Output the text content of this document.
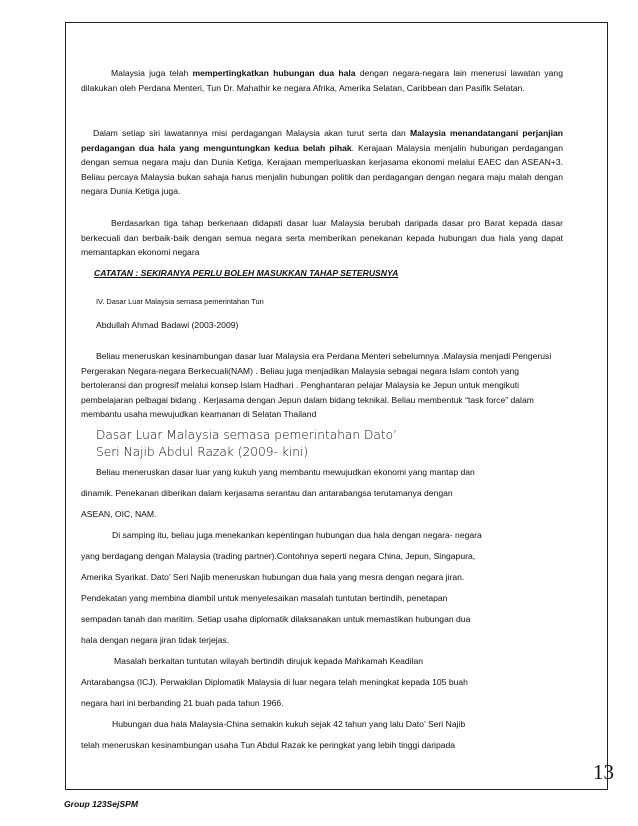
Malaysia juga telah mempertingkatkan hubungan dua hala dengan negara-negara lain menerusi lawatan yang dilakukan oleh Perdana Menteri, Tun Dr. Mahathir ke negara Afrika, Amerika Selatan, Caribbean dan Pasifik Selatan.
Dalam setiap siri lawatannya misi perdagangan Malaysia akan turut serta dan Malaysia menandatangani perjanjian perdagangan dua hala yang menguntungkan kedua belah pihak. Kerajaan Malaysia menjalin hubungan perdagangan dengan semua negara maju dan Dunia Ketiga. Kerajaan memperluaskan kerjasama ekonomi melalui EAEC dan ASEAN+3. Beliau percaya Malaysia bukan sahaja harus menjalin hubungan politik dan perdagangan dengan negara maju malah dengan negara Dunia Ketiga juga.
Berdasarkan tiga tahap berkenaan didapati dasar luar Malaysia berubah daripada dasar pro Barat kepada dasar berkecuali dan berbaik-baik dengan semua negara serta memberikan penekanan kepada hubungan dua hala yang dapat memantapkan ekonomi negara
CATATAN : SEKIRANYA PERLU BOLEH MASUKKAN TAHAP SETERUSNYA
IV. Dasar Luar Malaysia semasa pemerintahan Tun
Abdullah Ahmad Badawi (2003-2009)
Beliau meneruskan kesinambungan dasar luar Malaysia era Perdana Menteri sebelumnya .Malaysia menjadi Pengerusi Pergerakan Negara-negara Berkecuali(NAM) . Beliau juga menjadikan Malaysia sebagai negara Islam contoh yang bertoleransi dan progresif melalui konsep Islam Hadhari . Penghantaran pelajar Malaysia ke Jepun untuk mengikuti pembelajaran pelbagai bidang . Kerjasama dengan Jepun dalam bidang teknikal. Beliau membentuk “task force” dalam membantu usaha mewujudkan keamanan di Selatan Thailand
Dasar Luar Malaysia semasa pemerintahan Dato’
Seri Najib Abdul Razak (2009- kini)
Beliau meneruskan dasar luar yang kukuh yang membantu mewujudkan ekonomi yang mantap dan
dinamik. Penekanan diberikan dalam kerjasama serantau dan antarabangsa terutamanya dengan
ASEAN, OIC, NAM.
Di samping itu, beliau juga menekankan kepentingan hubungan dua hala dengan negara- negara
yang berdagang dengan Malaysia (trading partner).Contohnya seperti negara China, Jepun, Singapura,
Amerika Syarikat. Dato’ Seri Najib meneruskan hubungan dua hala yang mesra dengan negara jiran.
Pendekatan yang membina diambil untuk menyelesaikan masalah tuntutan bertindih, penetapan
sempadan tanah dan maritim. Setiap usaha diplomatik dilaksanakan untuk memastikan hubungan dua
hala dengan negara jiran tidak terjejas.
Masalah berkaitan tuntutan wilayah bertindih dirujuk kepada Mahkamah Keadilan
Antarabangsa (ICJ). Perwakilan Diplomatik Malaysia di luar negara telah meningkat kepada 105 buah
negara hari ini berbanding 21 buah pada tahun 1966.
Hubungan dua hala Malaysia-China semakin kukuh sejak 42 tahun yang lalu Dato’ Seri Najib
telah meneruskan kesinambungan usaha Tun Abdul Razak ke peringkat yang lebih tinggi daripada
13
Group 123SejSPM
